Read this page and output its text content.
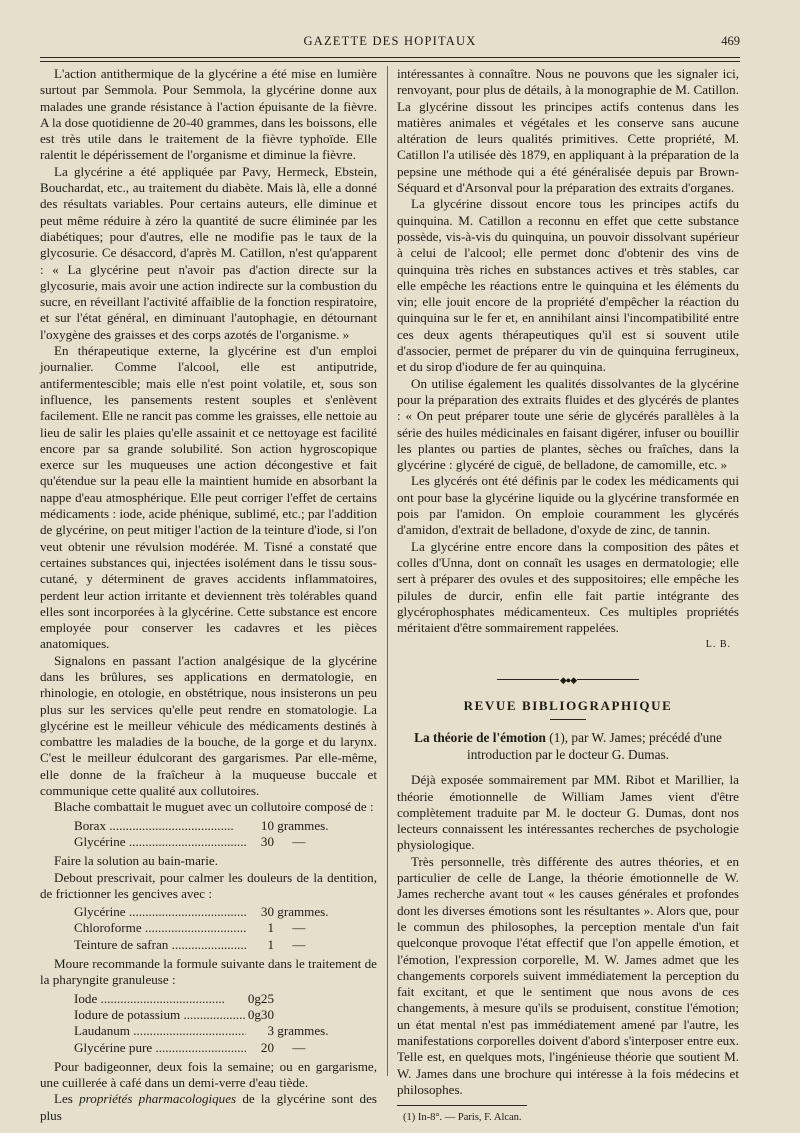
GAZETTE DES HOPITAUX	469

L'action antithermique de la glycérine a été mise en lumière surtout par Semmola. Pour Semmola, la glycérine donne aux malades une grande résistance à l'action épuisante de la fièvre. A la dose quotidienne de 20-40 grammes, dans les boissons, elle est très utile dans le traitement de la fièvre typhoïde. Elle ralentit le dépérissement de l'organisme et diminue la fièvre.

La glycérine a été appliquée par Pavy, Hermeck, Ebstein, Bouchardat, etc., au traitement du diabète. Mais là, elle a donné des résultats variables. Pour certains auteurs, elle diminue et peut même réduire à zéro la quantité de sucre éliminée par les diabétiques; pour d'autres, elle ne modifie pas le taux de la glycosurie. Ce désaccord, d'après M. Catillon, n'est qu'apparent : « La glycérine peut n'avoir pas d'action directe sur la glycosurie, mais avoir une action indirecte sur la combustion du sucre, en réveillant l'activité affaiblie de la fonction respiratoire, et sur l'état général, en diminuant l'autophagie, en détournant l'oxygène des graisses et des corps azotés de l'organisme. »

En thérapeutique externe, la glycérine est d'un emploi journalier. Comme l'alcool, elle est antiputride, antifermentescible; mais elle n'est point volatile, et, sous son influence, les pansements restent souples et s'enlèvent facilement. Elle ne rancit pas comme les graisses, elle nettoie au lieu de salir les plaies qu'elle assainit et ce nettoyage est facilité encore par sa grande solubilité. Son action hygroscopique exerce sur les muqueuses une action décongestive et fait qu'étendue sur la peau elle la maintient humide en absorbant la nappe d'eau atmosphérique. Elle peut corriger l'effet de certains médicaments : iode, acide phénique, sublimé, etc.; par l'addition de glycérine, on peut mitiger l'action de la teinture d'iode, si l'on veut obtenir une révulsion modérée. M. Tisné a constaté que certaines substances qui, injectées isolément dans le tissu sous-cutané, y déterminent de graves accidents inflammatoires, perdent leur action irritante et deviennent très tolérables quand elles sont incorporées à la glycérine. Cette substance est encore employée pour conserver les cadavres et les pièces anatomiques.

Signalons en passant l'action analgésique de la glycérine dans les brûlures, ses applications en dermatologie, en rhinologie, en otologie, en obstétrique, nous insisterons un peu plus sur les services qu'elle peut rendre en stomatologie. La glycérine est le meilleur véhicule des médicaments destinés à combattre les maladies de la bouche, de la gorge et du larynx. C'est le meilleur édulcorant des gargarismes. Par elle-même, elle donne de la fraîcheur à la muqueuse buccale et communique cette qualité aux collutoires.

Blache combattait le muguet avec un collutoire composé de :

Borax .....	10 grammes.
Glycérine .....	30 —

Faire la solution au bain-marie.

Debout prescrivait, pour calmer les douleurs de la dentition, de frictionner les gencives avec :

Glycérine .....	30 grammes.
Chloroforme .....	1 —
Teinture de safran .....	1 —

Moure recommande la formule suivante dans le traitement de la pharyngite granuleuse :

Iode .....	0g25
Iodure de potassium .....	0g30
Laudanum .....	3 grammes.
Glycérine pure .....	20 —

Pour badigeonner, deux fois la semaine; ou en gargarisme, une cuillerée à café dans un demi-verre d'eau tiède.

Les propriétés pharmacologiques de la glycérine sont des plus

intéressantes à connaître. Nous ne pouvons que les signaler ici, renvoyant, pour plus de détails, à la monographie de M. Catillon. La glycérine dissout les principes actifs contenus dans les matières animales et végétales et les conserve sans aucune altération de leurs qualités primitives. Cette propriété, M. Catillon l'a utilisée dès 1879, en appliquant à la préparation de la pepsine une méthode qui a été généralisée depuis par Brown-Séquard et d'Arsonval pour la préparation des extraits d'organes.

La glycérine dissout encore tous les principes actifs du quinquina. M. Catillon a reconnu en effet que cette substance possède, vis-à-vis du quinquina, un pouvoir dissolvant supérieur à celui de l'alcool; elle permet donc d'obtenir des vins de quinquina très riches en substances actives et très stables, car elle empêche les réactions entre le quinquina et les éléments du vin; elle jouit encore de la propriété d'empêcher la réaction du quinquina sur le fer et, en annihilant ainsi l'incompatibilité entre ces deux agents thérapeutiques qu'il est si souvent utile d'associer, permet de préparer du vin de quinquina ferrugineux, et du sirop d'iodure de fer au quinquina.

On utilise également les qualités dissolvantes de la glycérine pour la préparation des extraits fluides et des glycérés de plantes : « On peut préparer toute une série de glycérés parallèles à la série des huiles médicinales en faisant digérer, infuser ou bouillir les plantes ou parties de plantes, sèches ou fraîches, dans la glycérine : glycéré de ciguë, de belladone, de camomille, etc. »

Les glycérés ont été définis par le codex les médicaments qui ont pour base la glycérine liquide ou la glycérine transformée en pois par l'amidon. On emploie couramment les glycérés d'amidon, d'extrait de belladone, d'oxyde de zinc, de tannin.

La glycérine entre encore dans la composition des pâtes et colles d'Unna, dont on connaît les usages en dermatologie; elle sert à préparer des ovules et des suppositoires; elle empêche les pilules de durcir, enfin elle fait partie intégrante des glycérophosphates médicamenteux. Ces multiples propriétés méritaient d'être sommairement rappelées.

L. B.
◆●◆
REVUE BIBLIOGRAPHIQUE
La théorie de l'émotion (1), par W. James; précédé d'une introduction par le docteur G. Dumas.

Déjà exposée sommairement par MM. Ribot et Marillier, la théorie émotionnelle de William James vient d'être complètement traduite par M. le docteur G. Dumas, dont nos lecteurs connaissent les intéressantes recherches de psychologie physiologique.

Très personnelle, très différente des autres théories, et en particulier de celle de Lange, la théorie émotionnelle de W. James recherche avant tout « les causes générales et profondes dont les diverses émotions sont les résultantes ». Alors que, pour le commun des philosophes, la perception mentale d'un fait quelconque provoque l'état effectif que l'on appelle émotion, et l'émotion, l'expression corporelle, M. W. James admet que les changements corporels suivent immédiatement la perception du fait excitant, et que le sentiment que nous avons de ces changements, à mesure qu'ils se produisent, constitue l'émotion; un état mental n'est pas immédiatement amené par l'autre, les manifestations corporelles doivent d'abord s'interposer entre eux. Telle est, en quelques mots, l'ingénieuse théorie que soutient M. W. James dans une brochure qui intéresse à la fois médecins et philosophes.

(1) In-8°. — Paris, F. Alcan.
